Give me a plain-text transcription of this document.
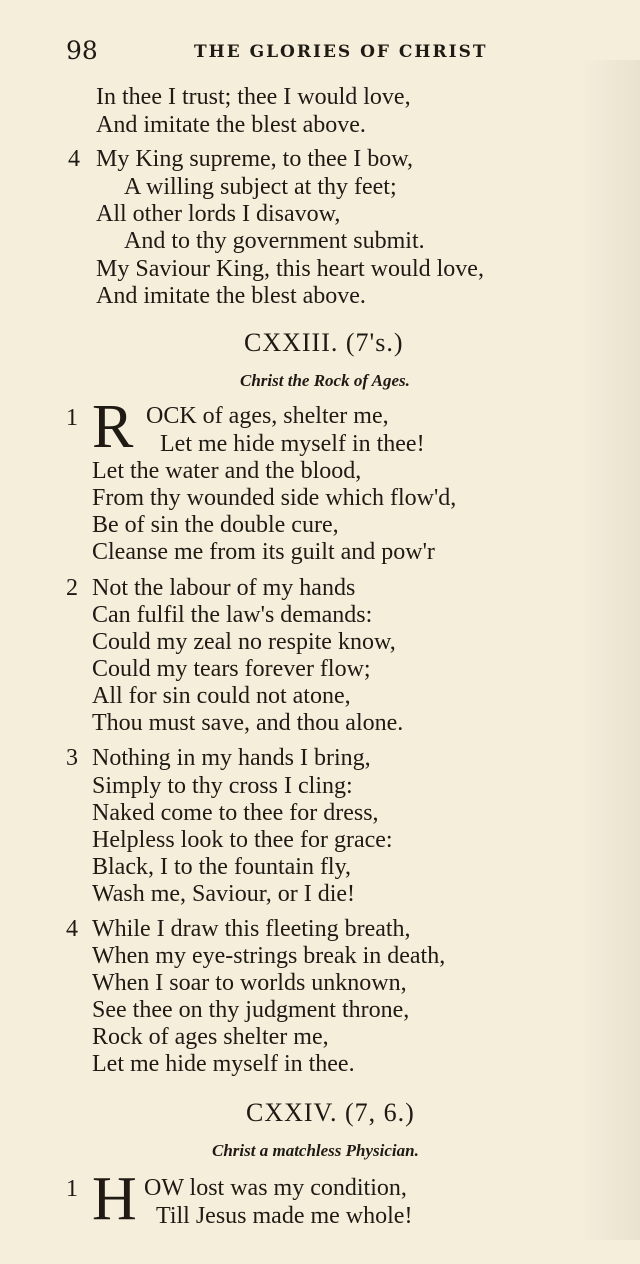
98	THE GLORIES OF CHRIST
In thee I trust; thee I would love,
And imitate the blest above.
4 My King supreme, to thee I bow,
A willing subject at thy feet;
All other lords I disavow,
And to thy government submit.
My Saviour King, this heart would love,
And imitate the blest above.
CXXIII. (7's.)
Christ the Rock of Ages.
1 R OCK of ages, shelter me,
Let me hide myself in thee!
Let the water and the blood,
From thy wounded side which flow'd,
Be of sin the double cure,
Cleanse me from its guilt and pow'r
2 Not the labour of my hands
Can fulfil the law's demands:
Could my zeal no respite know,
Could my tears forever flow;
All for sin could not atone,
Thou must save, and thou alone.
3 Nothing in my hands I bring,
Simply to thy cross I cling:
Naked come to thee for dress,
Helpless look to thee for grace:
Black, I to the fountain fly,
Wash me, Saviour, or I die!
4 While I draw this fleeting breath,
When my eye-strings break in death,
When I soar to worlds unknown,
See thee on thy judgment throne,
Rock of ages shelter me,
Let me hide myself in thee.
CXXIV. (7, 6.)
Christ a matchless Physician.
1 H OW lost was my condition,
Till Jesus made me whole!
